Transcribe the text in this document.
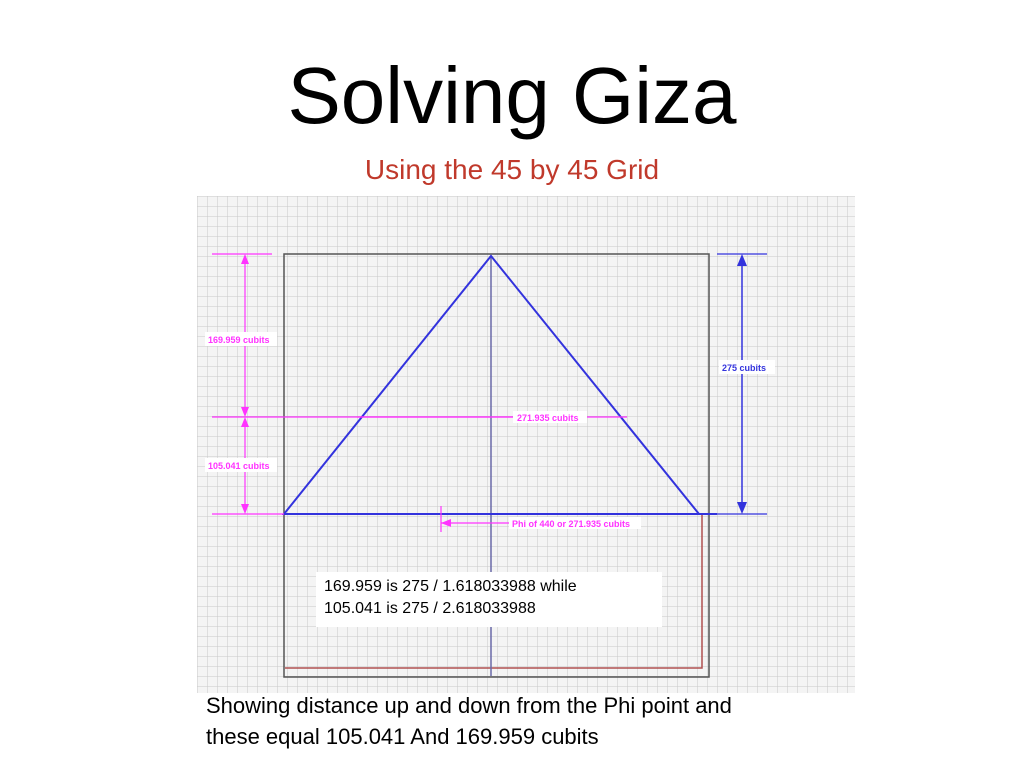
Solving Giza
Using the 45 by 45 Grid
169.959 cubits
105.041 cubits
271.935 cubits
Phi of 440 or 271.935 cubits
275 cubits
169.959 is 275 / 1.618033988 while
105.041 is 275 / 2.618033988
Showing distance up and down from the Phi point and
these equal 105.041 And 169.959 cubits
